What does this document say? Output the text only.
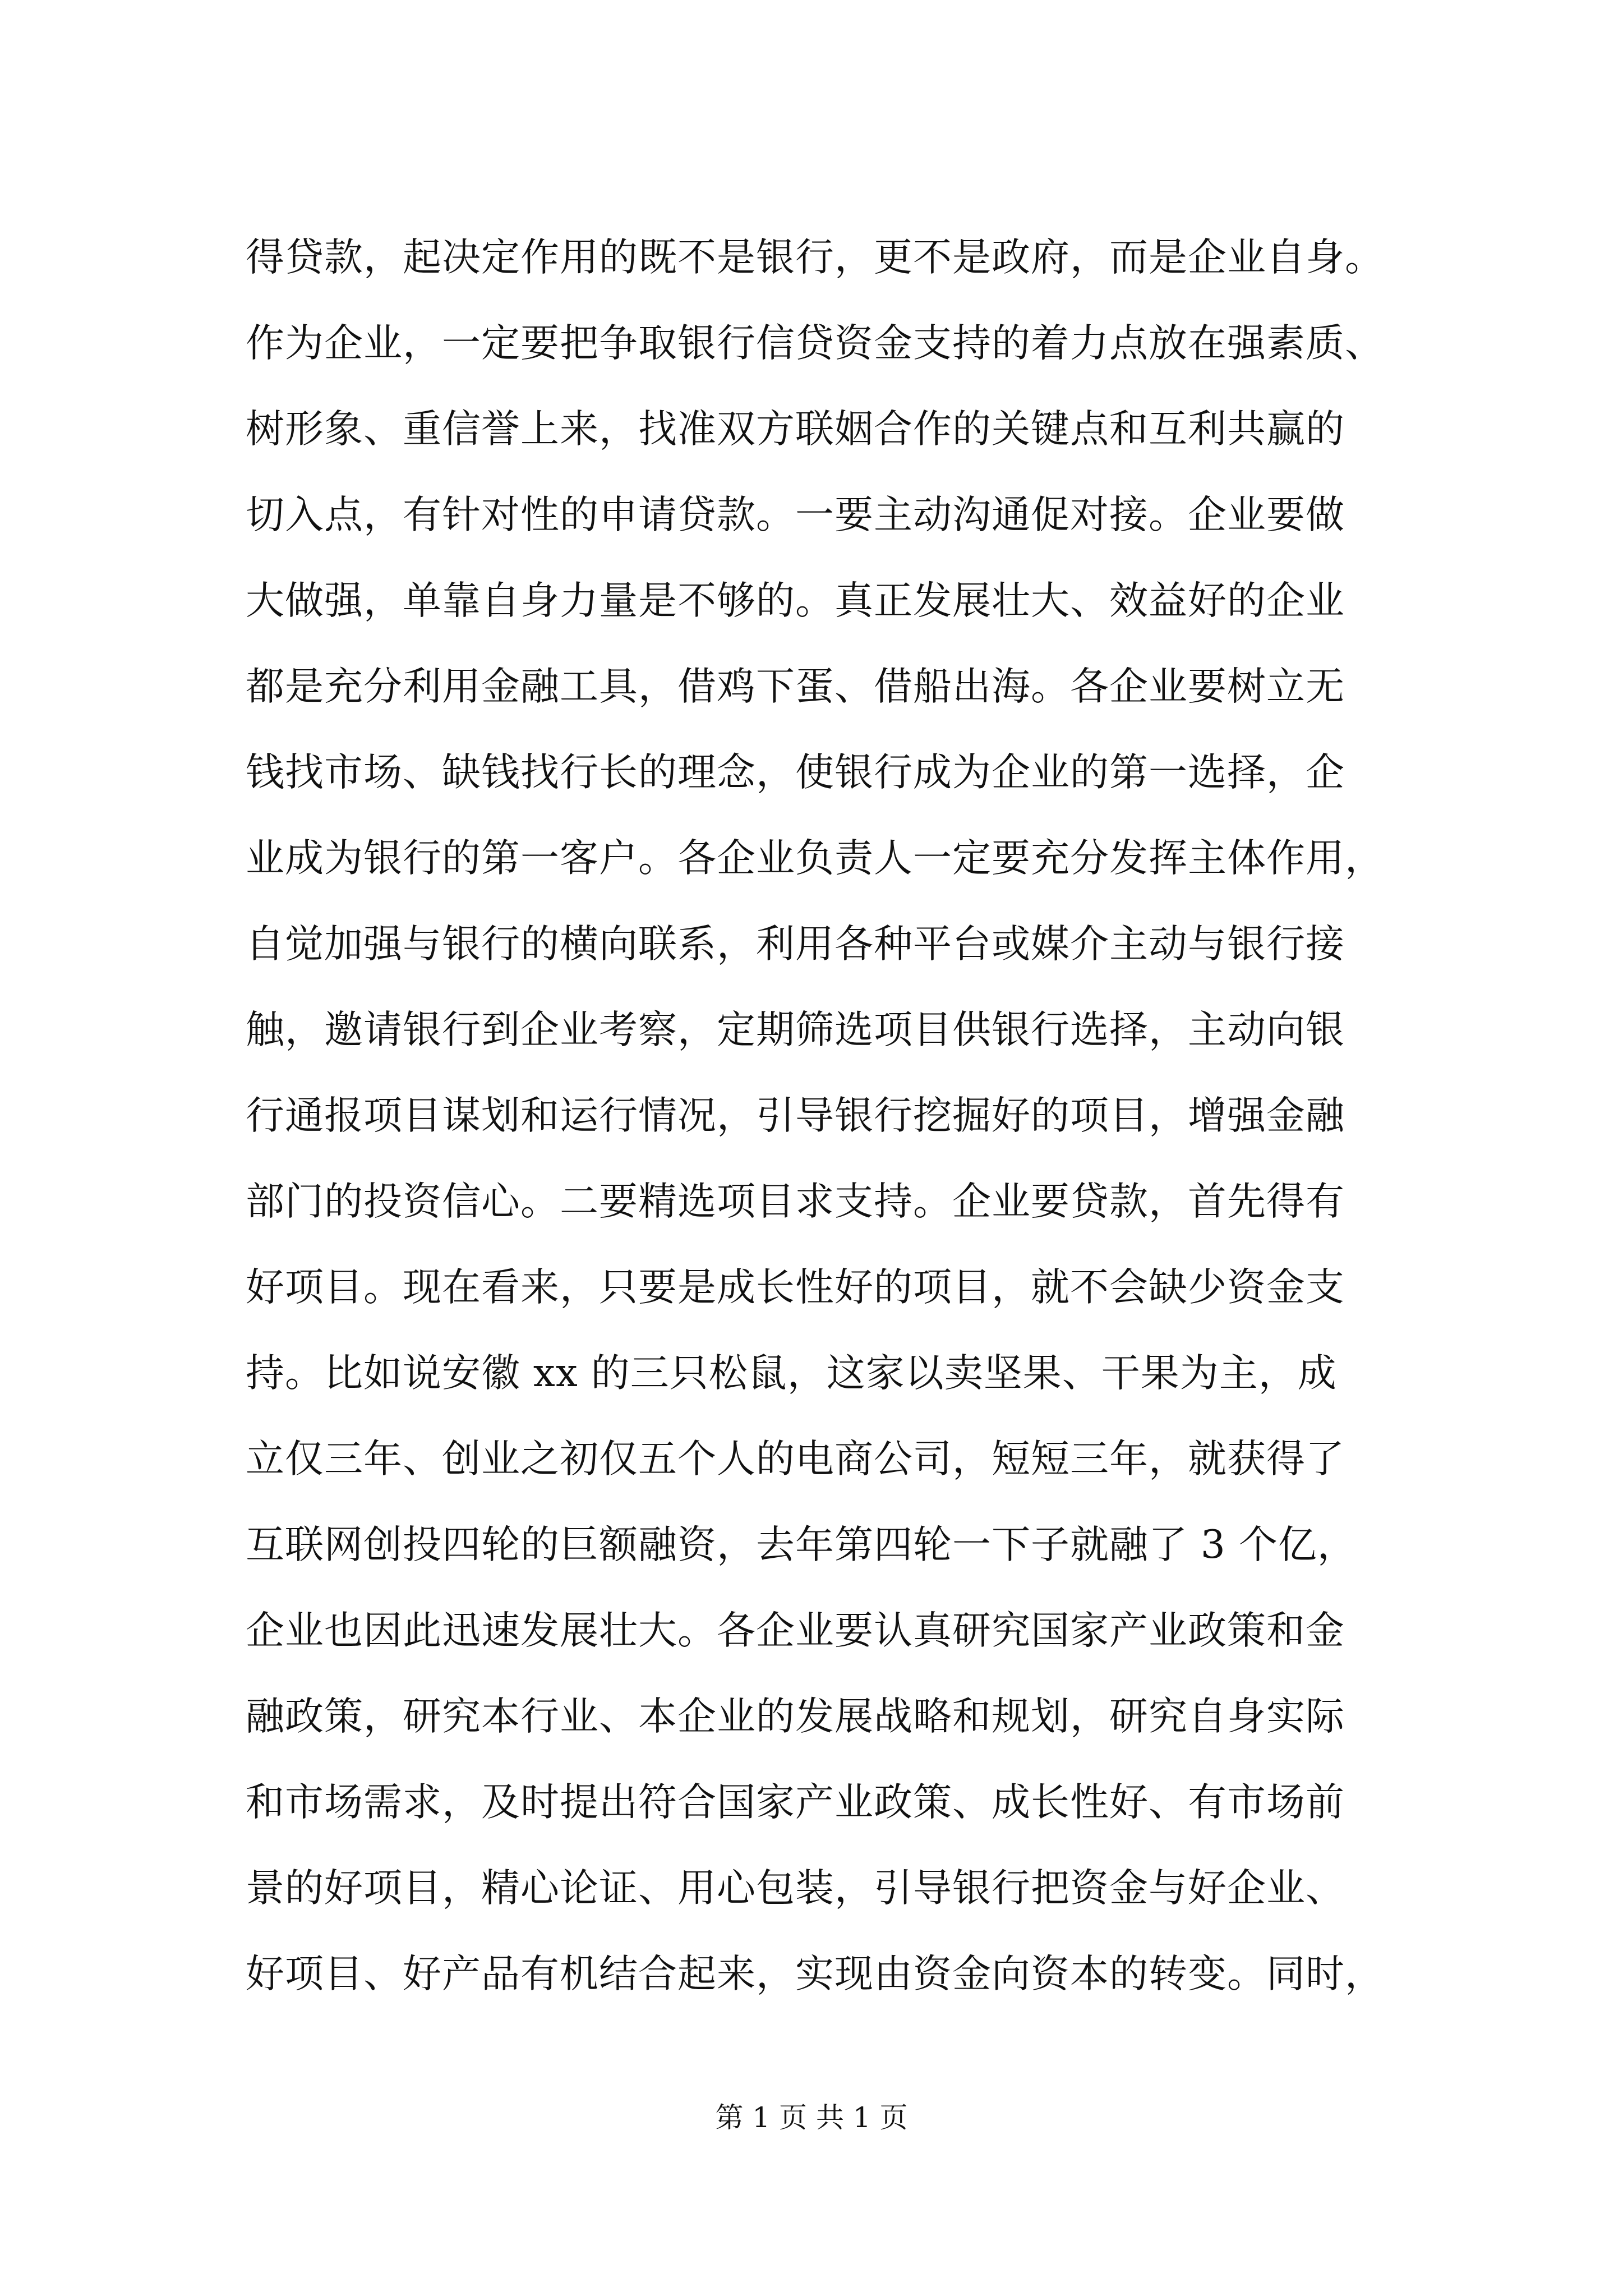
得贷款，起决定作用的既不是银行，更不是政府，而是企业自身。
作为企业，一定要把争取银行信贷资金支持的着力点放在强素质、
树形象、重信誉上来，找准双方联姻合作的关键点和互利共赢的
切入点，有针对性的申请贷款。一要主动沟通促对接。企业要做
大做强，单靠自身力量是不够的。真正发展壮大、效益好的企业
都是充分利用金融工具，借鸡下蛋、借船出海。各企业要树立无
钱找市场、缺钱找行长的理念，使银行成为企业的第一选择，企
业成为银行的第一客户。各企业负责人一定要充分发挥主体作用，
自觉加强与银行的横向联系，利用各种平台或媒介主动与银行接
触，邀请银行到企业考察，定期筛选项目供银行选择，主动向银
行通报项目谋划和运行情况，引导银行挖掘好的项目，增强金融
部门的投资信心。二要精选项目求支持。企业要贷款，首先得有
好项目。现在看来，只要是成长性好的项目，就不会缺少资金支
持。比如说安徽 xx 的三只松鼠，这家以卖坚果、干果为主，成
立仅三年、创业之初仅五个人的电商公司，短短三年，就获得了
互联网创投四轮的巨额融资，去年第四轮一下子就融了 3 个亿，
企业也因此迅速发展壮大。各企业要认真研究国家产业政策和金
融政策，研究本行业、本企业的发展战略和规划，研究自身实际
和市场需求，及时提出符合国家产业政策、成长性好、有市场前
景的好项目，精心论证、用心包装，引导银行把资金与好企业、
好项目、好产品有机结合起来，实现由资金向资本的转变。同时，
第 1 页 共 1 页
